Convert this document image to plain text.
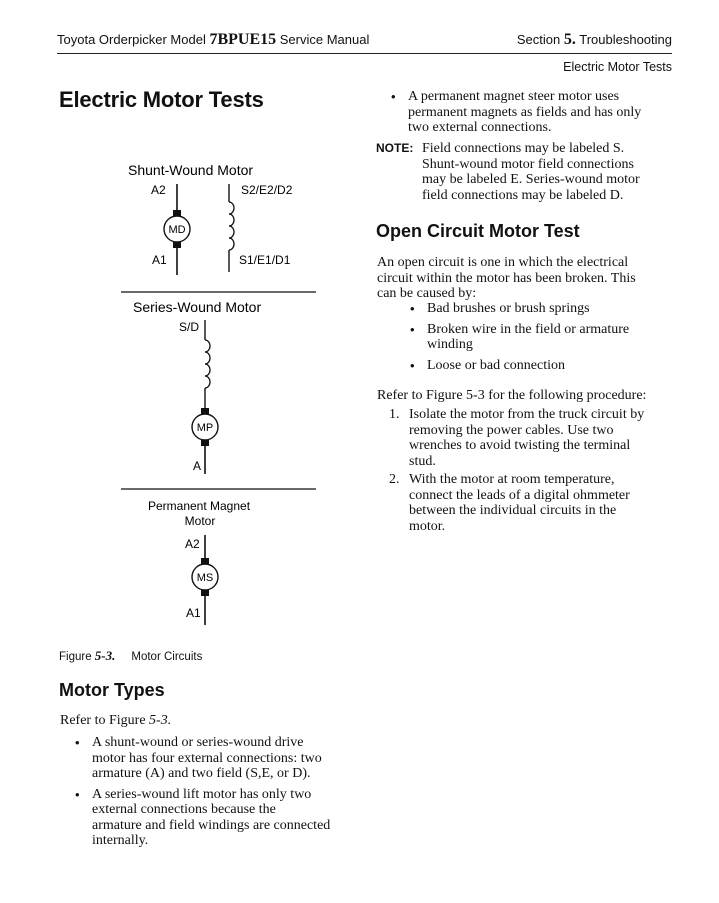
Toyota Orderpicker Model 7BPUE15 Service Manual	Section 5. Troubleshooting
Electric Motor Tests
Electric Motor Tests
Shunt-Wound Motor
A2
A1
S2/E2/D2
S1/E1/D1
MD
Series-Wound Motor
S/D
MP
A
Permanent Magnet
Motor
A2
MS
A1
Figure 5-3. Motor Circuits
Motor Types
Refer to Figure 5-3.
• A shunt-wound or series-wound drive
motor has four external connections: two
armature (A) and two field (S,E, or D).
• A series-wound lift motor has only two
external connections because the
armature and field windings are connected
internally.
• A permanent magnet steer motor uses
permanent magnets as fields and has only
two external connections.
NOTE: Field connections may be labeled S.
Shunt-wound motor field connections
may be labeled E. Series-wound motor
field connections may be labeled D.
Open Circuit Motor Test
An open circuit is one in which the electrical
circuit within the motor has been broken. This
can be caused by:
• Bad brushes or brush springs
• Broken wire in the field or armature
winding
• Loose or bad connection
Refer to Figure 5-3 for the following procedure:
1. Isolate the motor from the truck circuit by
removing the power cables. Use two
wrenches to avoid twisting the terminal
stud.
2. With the motor at room temperature,
connect the leads of a digital ohmmeter
between the individual circuits in the
motor.
